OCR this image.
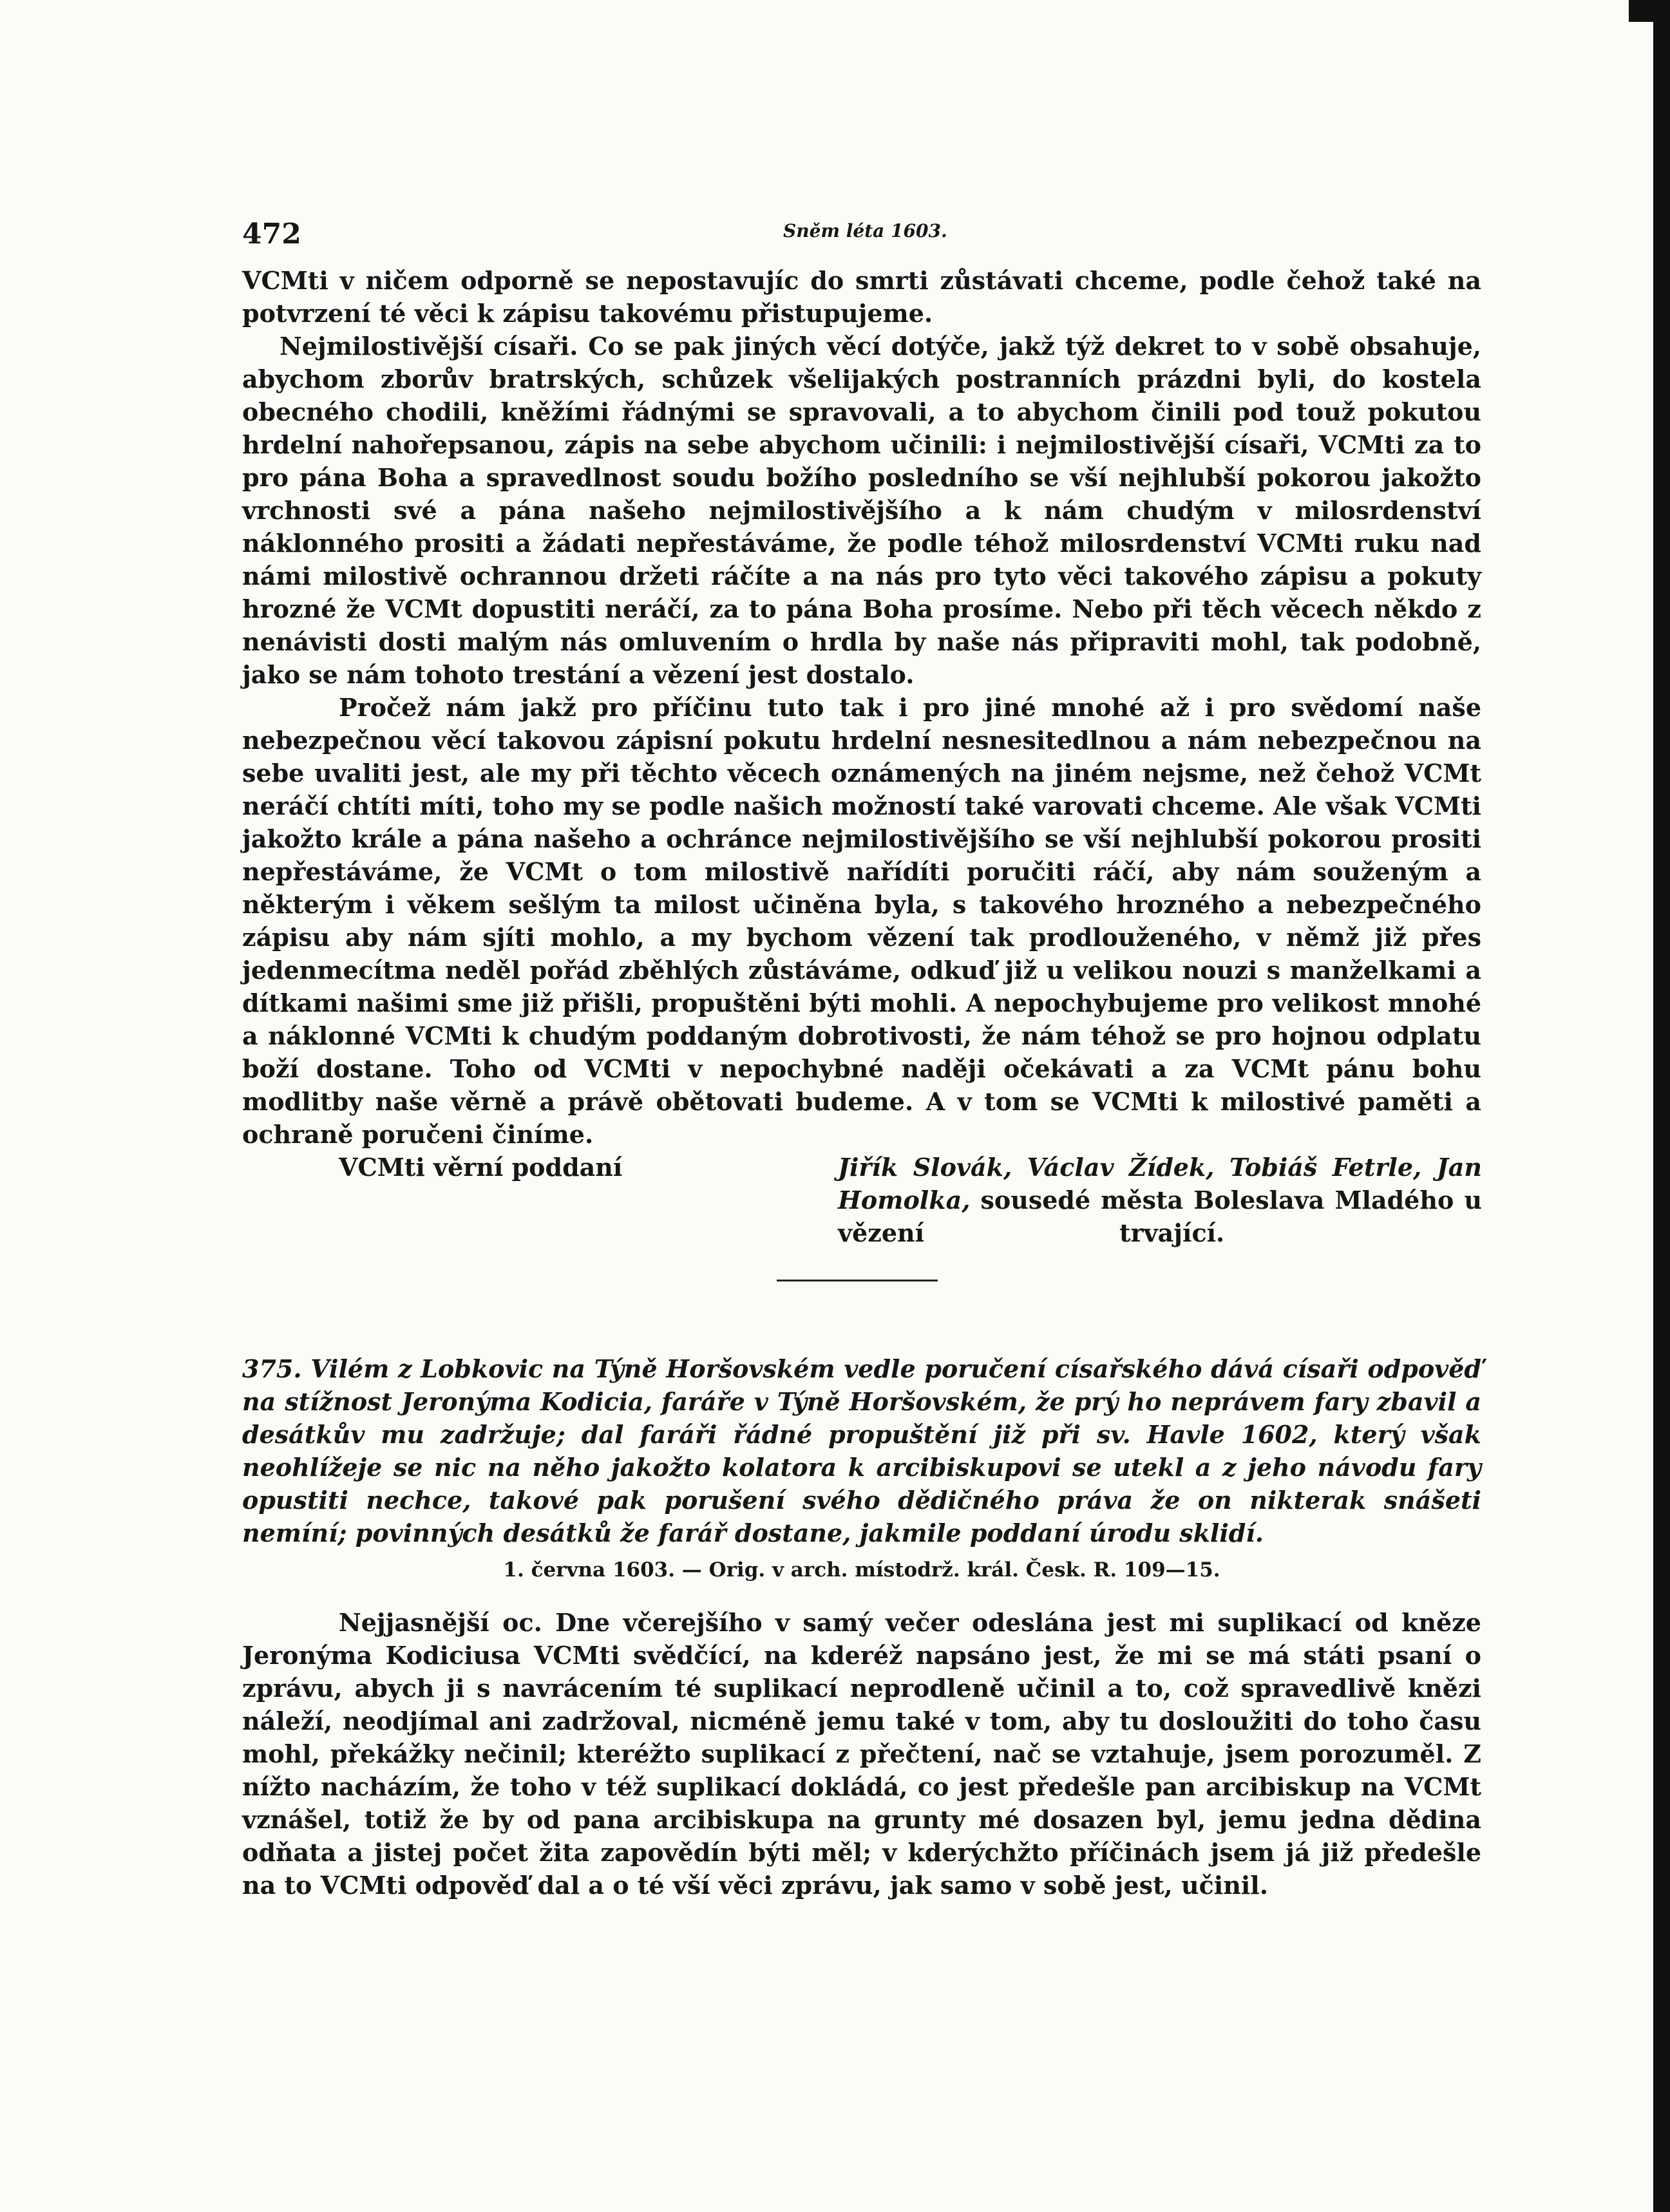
472	Sněm léta 1603.

VCMti v ničem odporně se nepostavujíc do smrti zůstávati chceme, podle čehož také na potvrzení té věci k zápisu takovému přistupujeme.

Nejmilostivější císaři. Co se pak jiných věcí dotýče, jakž týž dekret to v sobě obsahuje, abychom zborův bratrských, schůzek všelijakých postranních prázdni byli, do kostela obecného chodili, kněžími řádnými se spravovali, a to abychom činili pod touž pokutou hrdelní nahořepsanou, zápis na sebe abychom učinili: i nejmilostivější císaři, VCMti za to pro pána Boha a spravedlnost soudu božího posledního se vší nejhlubší pokorou jakožto vrchnosti své a pána našeho nejmilostivějšího a k nám chudým v milosrdenství náklonného prositi a žádati nepřestáváme, že podle téhož milosrdenství VCMti ruku nad námi milostivě ochrannou držeti ráčíte a na nás pro tyto věci takového zápisu a pokuty hrozné že VCMt dopustiti neráčí, za to pána Boha prosíme. Nebo při těch věcech někdo z nenávisti dosti malým nás omluvením o hrdla by naše nás připraviti mohl, tak podobně, jako se nám tohoto trestání a vězení jest dostalo.

Pročež nám jakž pro příčinu tuto tak i pro jiné mnohé až i pro svědomí naše nebezpečnou věcí takovou zápisní pokutu hrdelní nesnesitedlnou a nám nebezpečnou na sebe uvaliti jest, ale my při těchto věcech oznámených na jiném nejsme, než čehož VCMt neráčí chtíti míti, toho my se podle našich možností také varovati chceme. Ale však VCMti jakožto krále a pána našeho a ochránce nejmilostivějšího se vší nejhlubší pokorou prositi nepřestáváme, že VCMt o tom milostivě nařídíti poručiti ráčí, aby nám souženým a některým i věkem sešlým ta milost učiněna byla, s takového hrozného a nebezpečného zápisu aby nám sjíti mohlo, a my bychom vězení tak prodlouženého, v němž již přes jedenmecítma neděl pořád zběhlých zůstáváme, odkuď již u velikou nouzi s manželkami a dítkami našimi sme již přišli, propuštěni býti mohli. A nepochybujeme pro velikost mnohé a náklonné VCMti k chudým poddaným dobrotivosti, že nám téhož se pro hojnou odplatu boží dostane. Toho od VCMti v nepochybné naději očekávati a za VCMt pánu bohu modlitby naše věrně a právě obětovati budeme. A v tom se VCMti k milostivé paměti a ochraně poručeni činíme.

VCMti věrní poddaní	Jiřík Slovák, Václav Žídek, Tobiáš Fetrle, Jan Homolka, sousedé města Boleslava Mladého u vězení	trvající.

375. Vilém z Lobkovic na Týně Horšovském vedle poručení císařského dává císaři odpověď na stížnost Jeronýma Kodicia, faráře v Týně Horšovském, že prý ho neprávem fary zbavil a desátkův mu zadržuje; dal faráři řádné propuštění již při sv. Havle 1602, který však neohlížeje se nic na něho jakožto kolatora k arcibiskupovi se utekl a z jeho návodu fary opustiti nechce, takové pak porušení svého dědičného práva že on nikterak snášeti nemíní; povinných desátků že farář dostane, jakmile poddaní úrodu sklidí.

1. června 1603. — Orig. v arch. místodrž. král. Česk. R. 109—15.

Nejjasnější oc. Dne včerejšího v samý večer odeslána jest mi suplikací od kněze Jeronýma Kodiciusa VCMti svědčící, na kderéž napsáno jest, že mi se má státi psaní o zprávu, abych ji s navrácením té suplikací neprodleně učinil a to, což spravedlivě knězi náleží, neodjímal ani zadržoval, nicméně jemu také v tom, aby tu dosloužiti do toho času mohl, překážky nečinil; kteréžto suplikací z přečtení, nač se vztahuje, jsem porozuměl. Z nížto nacházím, že toho v též suplikací dokládá, co jest předešle pan arcibiskup na VCMt vznášel, totiž že by od pana arcibiskupa na grunty mé dosazen byl, jemu jedna dědina odňata a jistej počet žita zapovědín býti měl; v kderýchžto příčinách jsem já již předešle na to VCMti odpověď dal a o té vší věci zprávu, jak samo v sobě jest, učinil.
